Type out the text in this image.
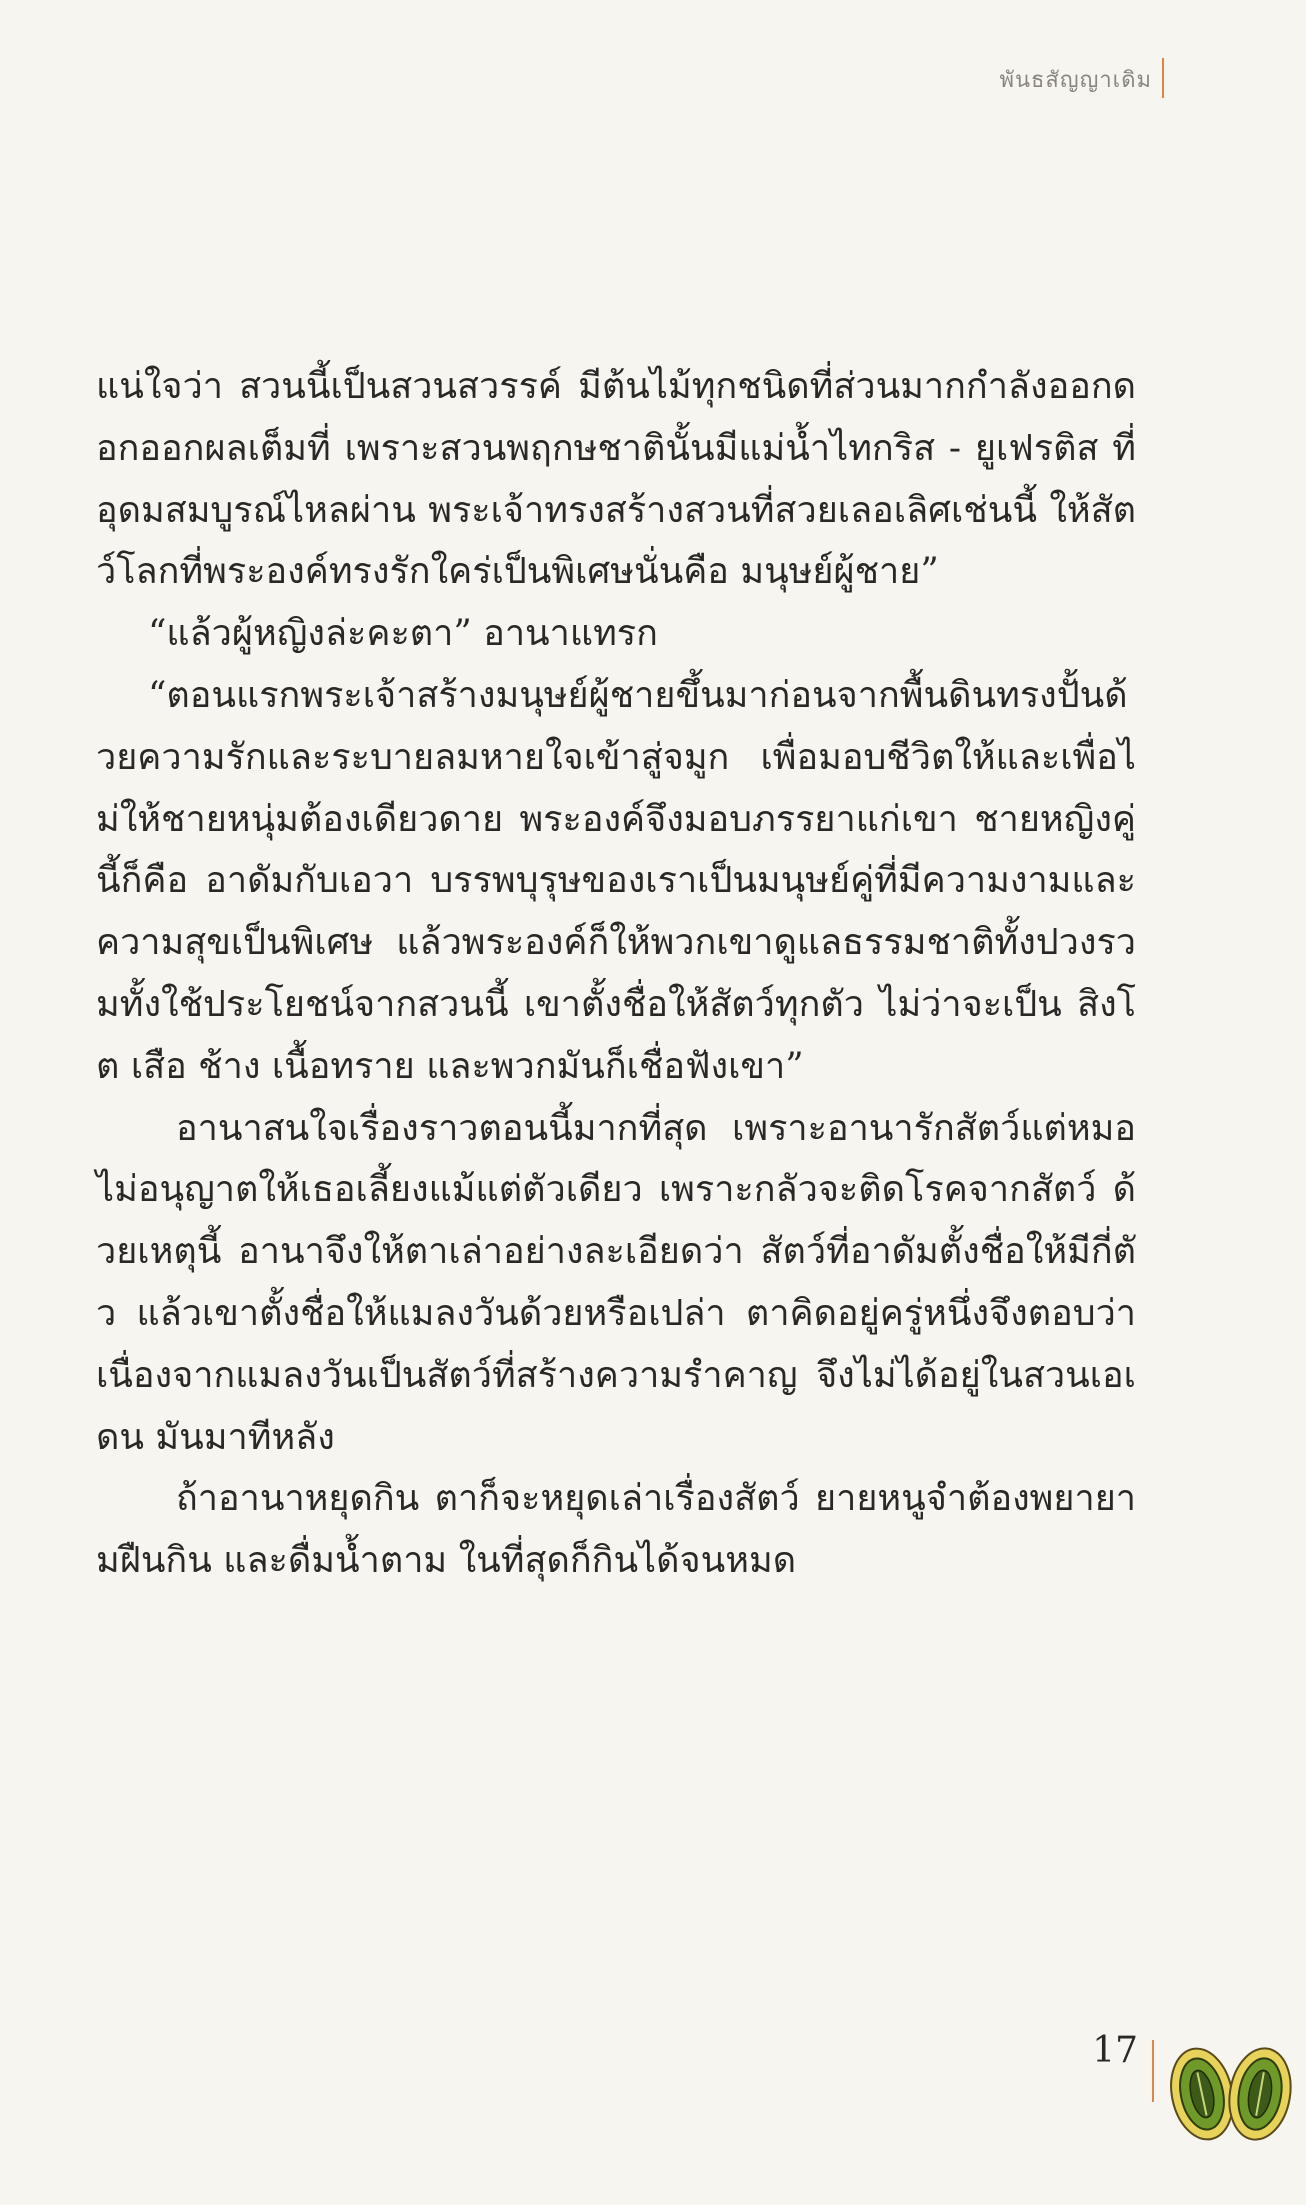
พันธสัญญาเดิม

แน่ใจว่า สวนนี้เป็นสวนสวรรค์ มีต้นไม้ทุกชนิดที่ส่วนมากกำลังออกดอกออกผลเต็มที่ เพราะสวนพฤกษชาตินั้นมีแม่น้ำไทกริส - ยูเฟรติส ที่อุดมสมบูรณ์ไหลผ่าน พระเจ้าทรงสร้างสวนที่สวยเลอเลิศเช่นนี้ ให้สัตว์โลกที่พระองค์ทรงรักใคร่เป็นพิเศษนั่นคือ มนุษย์ผู้ชาย”

“แล้วผู้หญิงล่ะคะตา” อานาแทรก

“ตอนแรกพระเจ้าสร้างมนุษย์ผู้ชายขึ้นมาก่อนจากพื้นดินทรงปั้นด้วยความรักและระบายลมหายใจเข้าสู่จมูก เพื่อมอบชีวิตให้และเพื่อไม่ให้ชายหนุ่มต้องเดียวดาย พระองค์จึงมอบภรรยาแก่เขา ชายหญิงคู่นี้ก็คือ อาดัมกับเอวา บรรพบุรุษของเราเป็นมนุษย์คู่ที่มีความงามและความสุขเป็นพิเศษ แล้วพระองค์ก็ให้พวกเขาดูแลธรรมชาติทั้งปวงรวมทั้งใช้ประโยชน์จากสวนนี้ เขาตั้งชื่อให้สัตว์ทุกตัว ไม่ว่าจะเป็น สิงโต เสือ ช้าง เนื้อทราย และพวกมันก็เชื่อฟังเขา”

อานาสนใจเรื่องราวตอนนี้มากที่สุด เพราะอานารักสัตว์แต่หมอไม่อนุญาตให้เธอเลี้ยงแม้แต่ตัวเดียว เพราะกลัวจะติดโรคจากสัตว์ ด้วยเหตุนี้ อานาจึงให้ตาเล่าอย่างละเอียดว่า สัตว์ที่อาดัมตั้งชื่อให้มีกี่ตัว แล้วเขาตั้งชื่อให้แมลงวันด้วยหรือเปล่า ตาคิดอยู่ครู่หนึ่งจึงตอบว่า เนื่องจากแมลงวันเป็นสัตว์ที่สร้างความรำคาญ จึงไม่ได้อยู่ในสวนเอเดน มันมาทีหลัง

ถ้าอานาหยุดกิน ตาก็จะหยุดเล่าเรื่องสัตว์ ยายหนูจำต้องพยายามฝืนกิน และดื่มน้ำตาม ในที่สุดก็กินได้จนหมด

17
